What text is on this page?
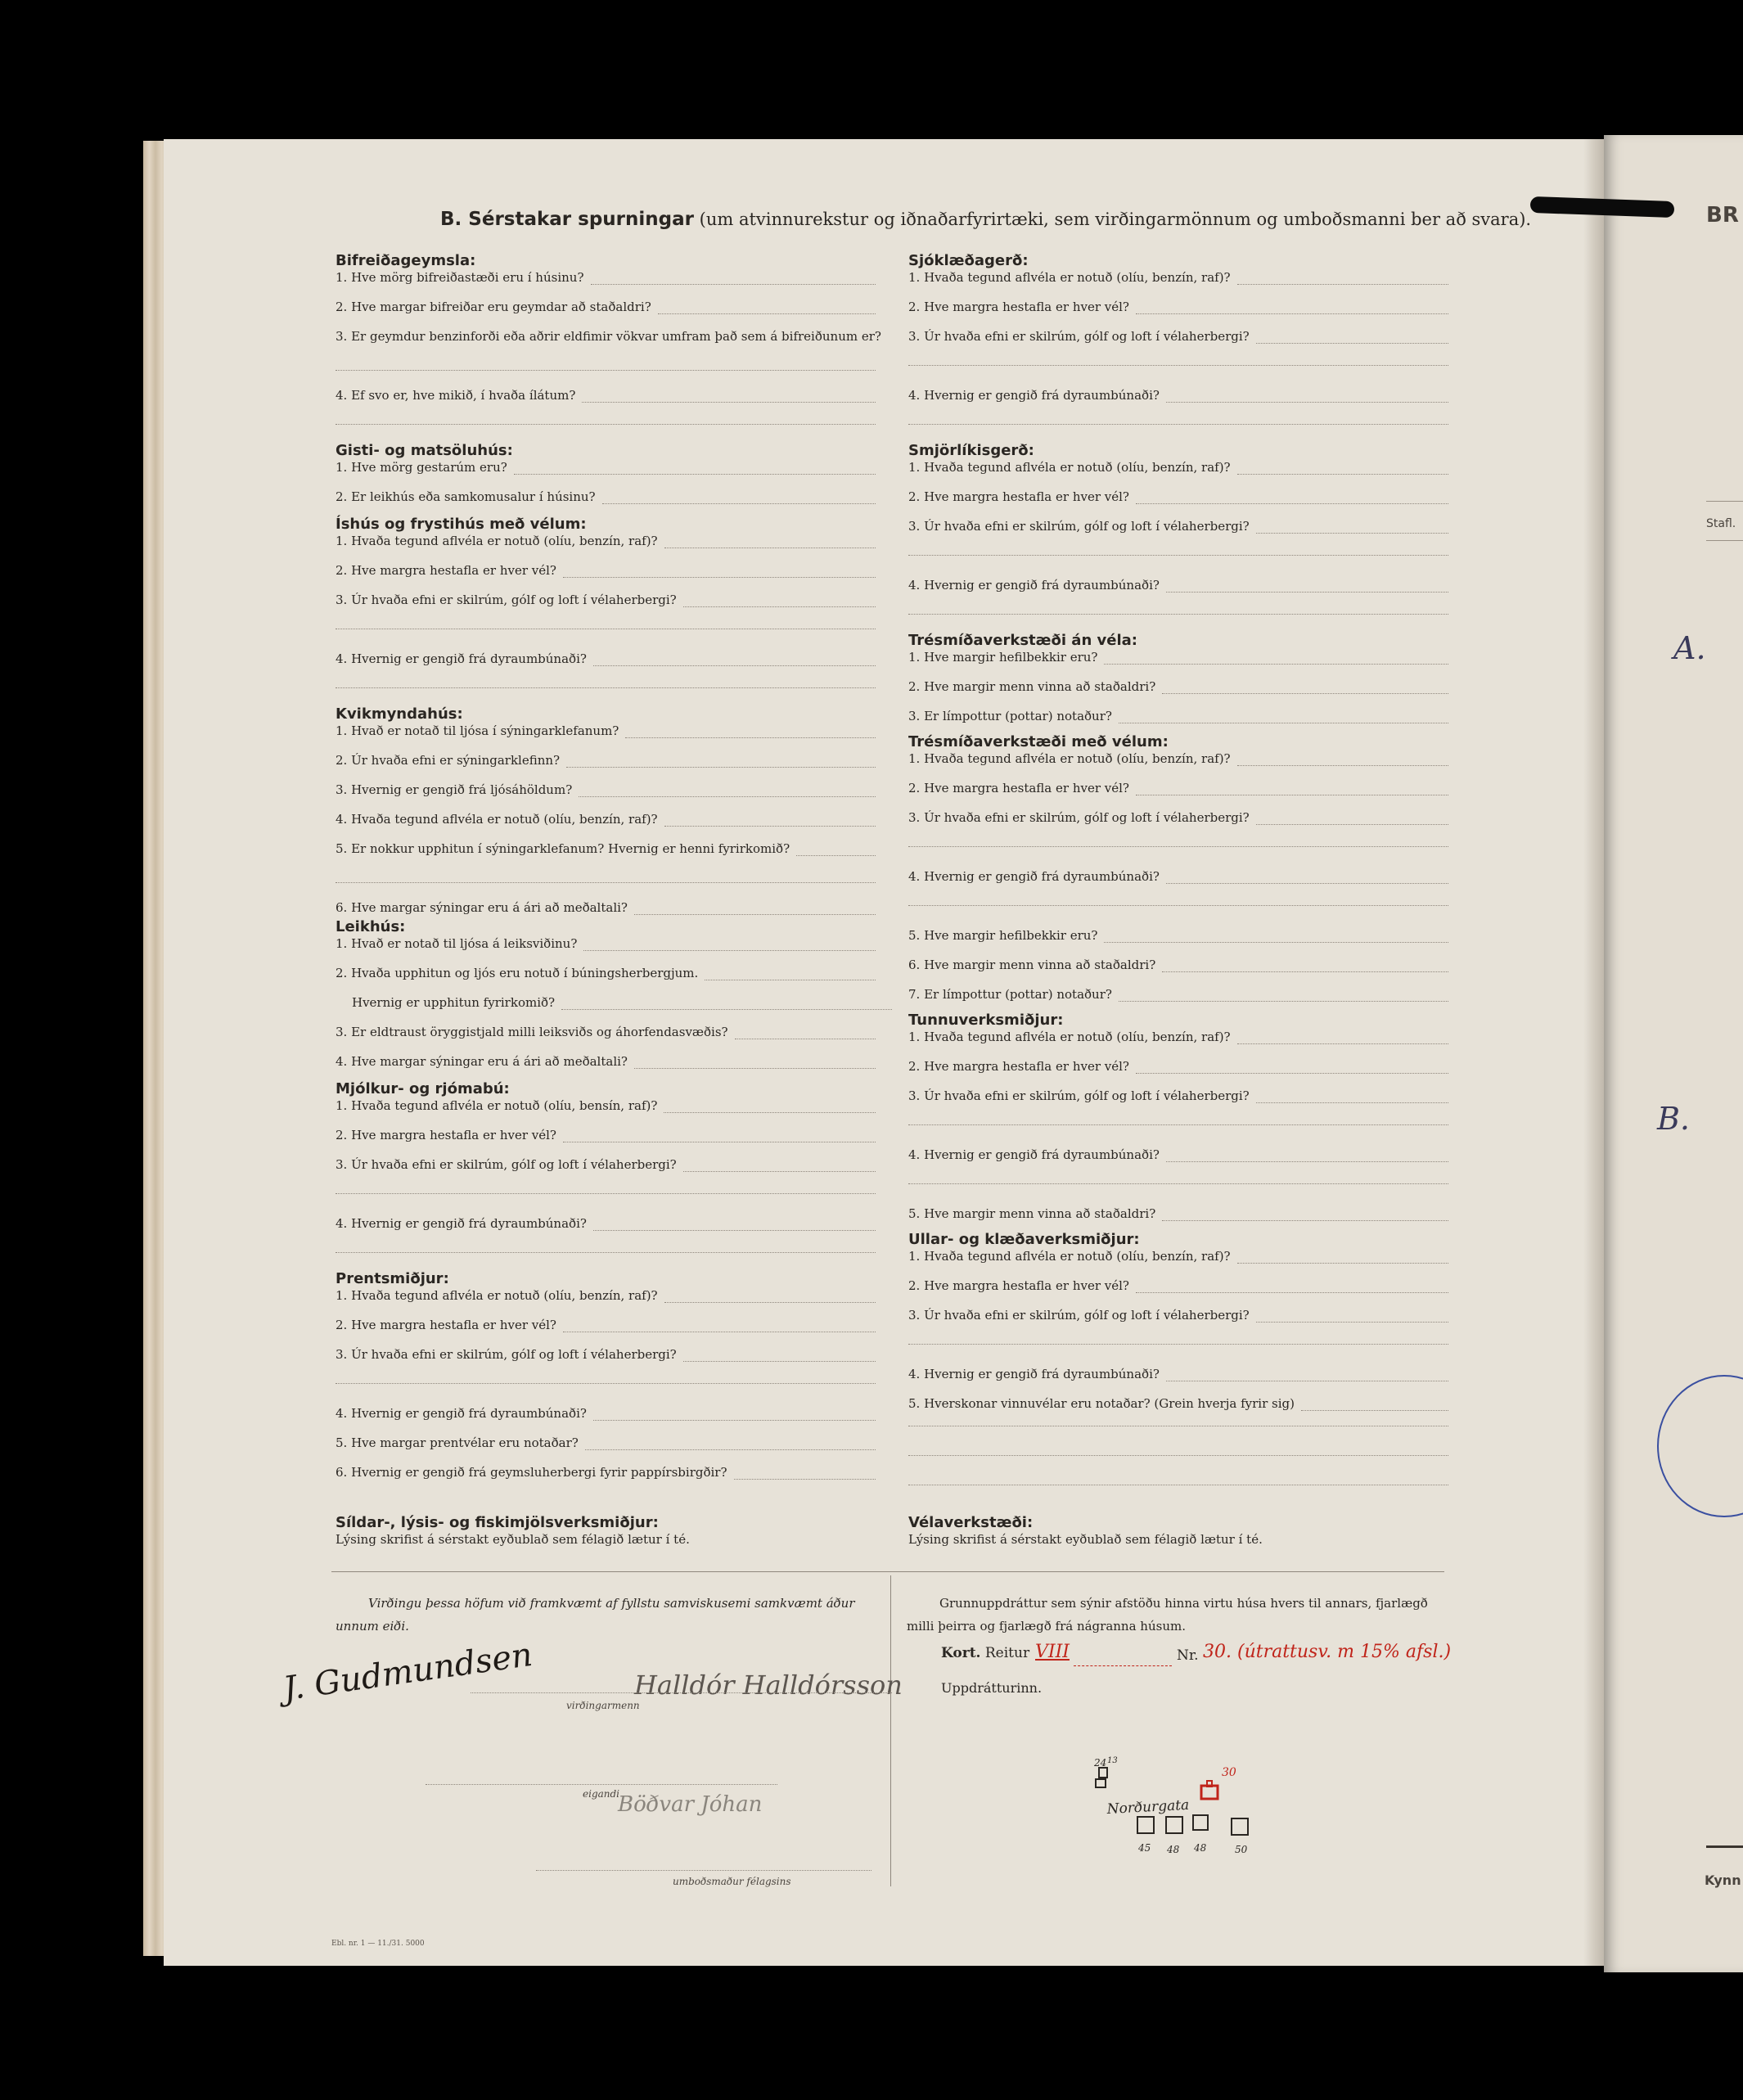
B. Sérstakar spurningar (um atvinnurekstur og iðnaðarfyrirtæki, sem virðingarmönnum og umboðsmanni ber að svara).
Bifreiðageymsla:
1. Hve mörg bifreiðastæði eru í húsinu?
2. Hve margar bifreiðar eru geymdar að staðaldri?
3. Er geymdur benzinforði eða aðrir eldfimir vökvar umfram það sem á bifreiðunum er?
4. Ef svo er, hve mikið, í hvaða ílátum?
Gisti- og matsöluhús:
1. Hve mörg gestarúm eru?
2. Er leikhús eða samkomusalur í húsinu?
Íshús og frystihús með vélum:
1. Hvaða tegund aflvéla er notuð (olíu, benzín, raf)?
2. Hve margra hestafla er hver vél?
3. Úr hvaða efni er skilrúm, gólf og loft í vélaherbergi?
4. Hvernig er gengið frá dyraumbúnaði?
Kvikmyndahús:
1. Hvað er notað til ljósa í sýningarklefanum?
2. Úr hvaða efni er sýningarklefinn?
3. Hvernig er gengið frá ljósáhöldum?
4. Hvaða tegund aflvéla er notuð (olíu, benzín, raf)?
5. Er nokkur upphitun í sýningarklefanum? Hvernig er henni fyrirkomið?
6. Hve margar sýningar eru á ári að meðaltali?
Leikhús:
1. Hvað er notað til ljósa á leiksviðinu?
2. Hvaða upphitun og ljós eru notuð í búningsherbergjum.
Hvernig er upphitun fyrirkomið?
3. Er eldtraust öryggistjald milli leiksviðs og áhorfendasvæðis?
4. Hve margar sýningar eru á ári að meðaltali?
Mjólkur- og rjómabú:
1. Hvaða tegund aflvéla er notuð (olíu, bensín, raf)?
2. Hve margra hestafla er hver vél?
3. Úr hvaða efni er skilrúm, gólf og loft í vélaherbergi?
4. Hvernig er gengið frá dyraumbúnaði?
Prentsmiðjur:
1. Hvaða tegund aflvéla er notuð (olíu, benzín, raf)?
2. Hve margra hestafla er hver vél?
3. Úr hvaða efni er skilrúm, gólf og loft í vélaherbergi?
4. Hvernig er gengið frá dyraumbúnaði?
5. Hve margar prentvélar eru notaðar?
6. Hvernig er gengið frá geymsluherbergi fyrir pappírsbirgðir?
Síldar-, lýsis- og fiskimjölsverksmiðjur:
Lýsing skrifist á sérstakt eyðublað sem félagið lætur í té.
Sjóklæðagerð:
1. Hvaða tegund aflvéla er notuð (olíu, benzín, raf)?
2. Hve margra hestafla er hver vél?
3. Úr hvaða efni er skilrúm, gólf og loft í vélaherbergi?
4. Hvernig er gengið frá dyraumbúnaði?
Smjörlíkisgerð:
1. Hvaða tegund aflvéla er notuð (olíu, benzín, raf)?
2. Hve margra hestafla er hver vél?
3. Úr hvaða efni er skilrúm, gólf og loft í vélaherbergi?
4. Hvernig er gengið frá dyraumbúnaði?
Trésmíðaverkstæði án véla:
1. Hve margir hefilbekkir eru?
2. Hve margir menn vinna að staðaldri?
3. Er límpottur (pottar) notaður?
Trésmíðaverkstæði með vélum:
1. Hvaða tegund aflvéla er notuð (olíu, benzín, raf)?
2. Hve margra hestafla er hver vél?
3. Úr hvaða efni er skilrúm, gólf og loft í vélaherbergi?
4. Hvernig er gengið frá dyraumbúnaði?
5. Hve margir hefilbekkir eru?
6. Hve margir menn vinna að staðaldri?
7. Er límpottur (pottar) notaður?
Tunnuverksmiðjur:
1. Hvaða tegund aflvéla er notuð (olíu, benzín, raf)?
2. Hve margra hestafla er hver vél?
3. Úr hvaða efni er skilrúm, gólf og loft í vélaherbergi?
4. Hvernig er gengið frá dyraumbúnaði?
5. Hve margir menn vinna að staðaldri?
Ullar- og klæðaverksmiðjur:
1. Hvaða tegund aflvéla er notuð (olíu, benzín, raf)?
2. Hve margra hestafla er hver vél?
3. Úr hvaða efni er skilrúm, gólf og loft í vélaherbergi?
4. Hvernig er gengið frá dyraumbúnaði?
5. Hverskonar vinnuvélar eru notaðar? (Grein hverja fyrir sig)
Vélaverkstæði:
Lýsing skrifist á sérstakt eyðublað sem félagið lætur í té.
Virðingu þessa höfum við framkvæmt af fyllstu samviskusemi samkvæmt áður unnum eiði.
J. Gudmundsen	Halldór Halldórsson
virðingarmenn
eigandi
Böðvar Jóhan
umboðsmaður félagsins
Ebl. nr. 1 — 11./31. 5000
Grunnuppdráttur sem sýnir afstöðu hinna virtu húsa hvers til annars, fjarlægð milli þeirra og fjarlægð frá nágranna húsum.
Kort. Reitur VIII	Nr. 30. (útrattusv. m 15% afsl.)
Uppdrátturinn.
24 13
30
Norðurgata
45 48 48	50
BR
Stafl.
A.
B.
Kynn
